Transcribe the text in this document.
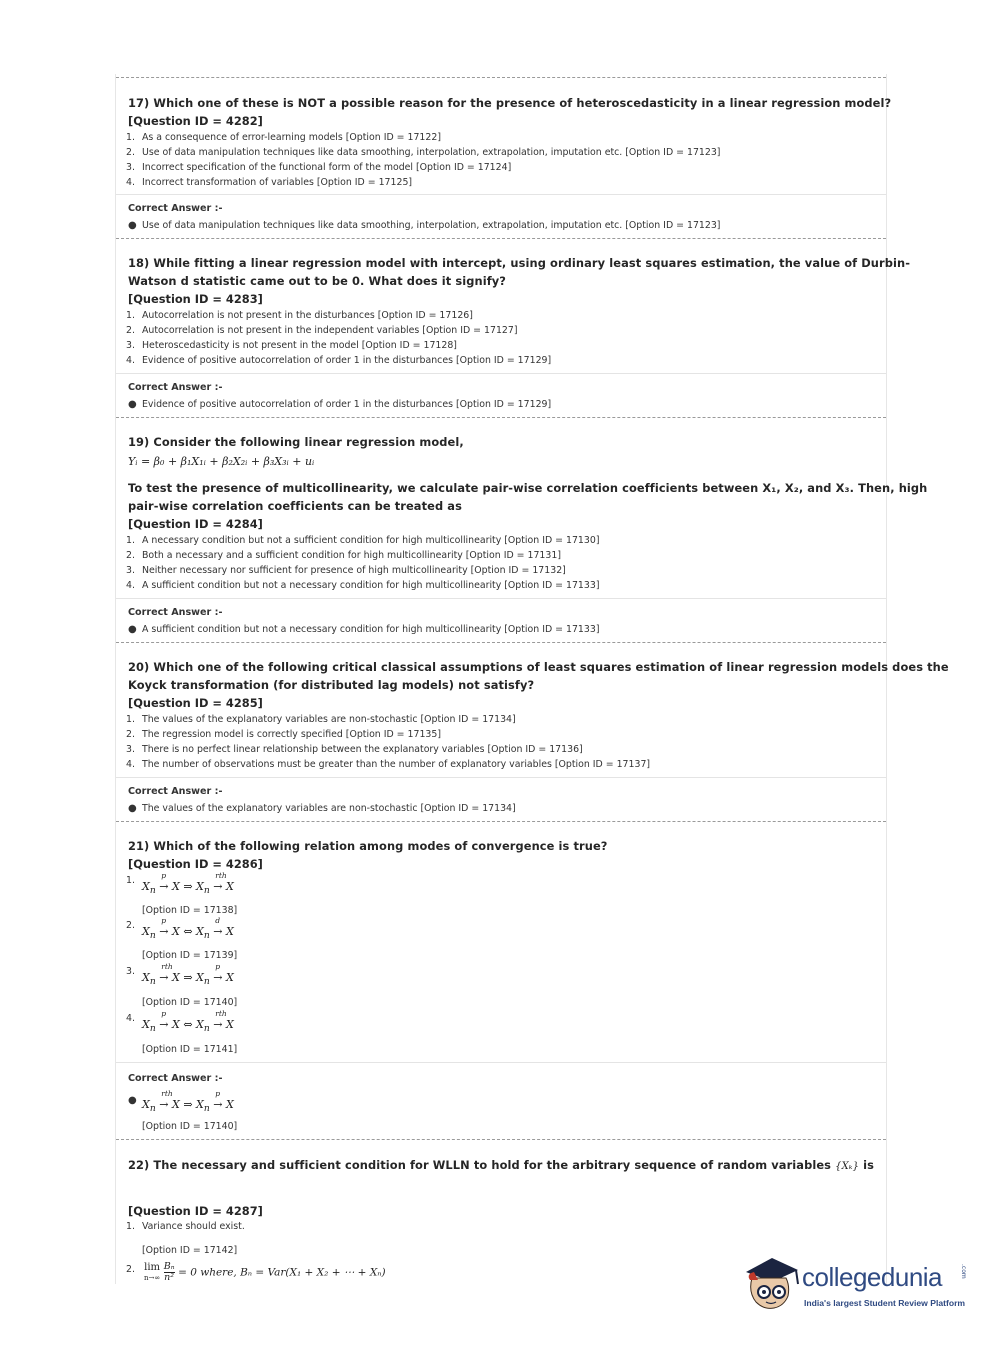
17) Which one of these is NOT a possible reason for the presence of heteroscedasticity in a linear regression model?
[Question ID = 4282]
1. As a consequence of error-learning models [Option ID = 17122]
2. Use of data manipulation techniques like data smoothing, interpolation, extrapolation, imputation etc. [Option ID = 17123]
3. Incorrect specification of the functional form of the model [Option ID = 17124]
4. Incorrect transformation of variables [Option ID = 17125]
Correct Answer :-
● Use of data manipulation techniques like data smoothing, interpolation, extrapolation, imputation etc. [Option ID = 17123]
18) While fitting a linear regression model with intercept, using ordinary least squares estimation, the value of Durbin-
Watson d statistic came out to be 0. What does it signify?
[Question ID = 4283]
1. Autocorrelation is not present in the disturbances [Option ID = 17126]
2. Autocorrelation is not present in the independent variables [Option ID = 17127]
3. Heteroscedasticity is not present in the model [Option ID = 17128]
4. Evidence of positive autocorrelation of order 1 in the disturbances [Option ID = 17129]
Correct Answer :-
● Evidence of positive autocorrelation of order 1 in the disturbances [Option ID = 17129]
19) Consider the following linear regression model,
Yᵢ = β₀ + β₁X₁ᵢ + β₂X₂ᵢ + β₃X₃ᵢ + uᵢ
To test the presence of multicollinearity, we calculate pair-wise correlation coefficients between X₁, X₂, and X₃. Then, high
pair-wise correlation coefficients can be treated as
[Question ID = 4284]
1. A necessary condition but not a sufficient condition for high multicollinearity [Option ID = 17130]
2. Both a necessary and a sufficient condition for high multicollinearity [Option ID = 17131]
3. Neither necessary nor sufficient for presence of high multicollinearity [Option ID = 17132]
4. A sufficient condition but not a necessary condition for high multicollinearity [Option ID = 17133]
Correct Answer :-
● A sufficient condition but not a necessary condition for high multicollinearity [Option ID = 17133]
20) Which one of the following critical classical assumptions of least squares estimation of linear regression models does the
Koyck transformation (for distributed lag models) not satisfy?
[Question ID = 4285]
1. The values of the explanatory variables are non-stochastic [Option ID = 17134]
2. The regression model is correctly specified [Option ID = 17135]
3. There is no perfect linear relationship between the explanatory variables [Option ID = 17136]
4. The number of observations must be greater than the number of explanatory variables [Option ID = 17137]
Correct Answer :-
● The values of the explanatory variables are non-stochastic [Option ID = 17134]
21) Which of the following relation among modes of convergence is true?
[Question ID = 4286]
1. $X_n$ →
p
X ⇒ $X_n$ →
rth
X
[Option ID = 17138]
2. $X_n$ →
p
X ⇔ $X_n$ →
d
X
[Option ID = 17139]
3. $X_n$ →
rth
X ⇒ $X_n$ →
p
X
[Option ID = 17140]
4. $X_n$ →
p
X ⇔ $X_n$ →
rth
X
[Option ID = 17141]
Correct Answer :-
● $X_n$ →
rth
X ⇒ $X_n$ →
p
X
[Option ID = 17140]
22) The necessary and sufficient condition for WLLN to hold for the arbitrary sequence of random variables {Xₖ} is
[Question ID = 4287]
1. Variance should exist.
[Option ID = 17142]
2. lim
$n\to\infty \frac{\text{Bₙ}}{\text{n²}} = 0$ where, Bₙ = Var(X₁ + X₂ + ⋯ + Xₙ)	collegedunia	.com
India's largest Student Review Platform
